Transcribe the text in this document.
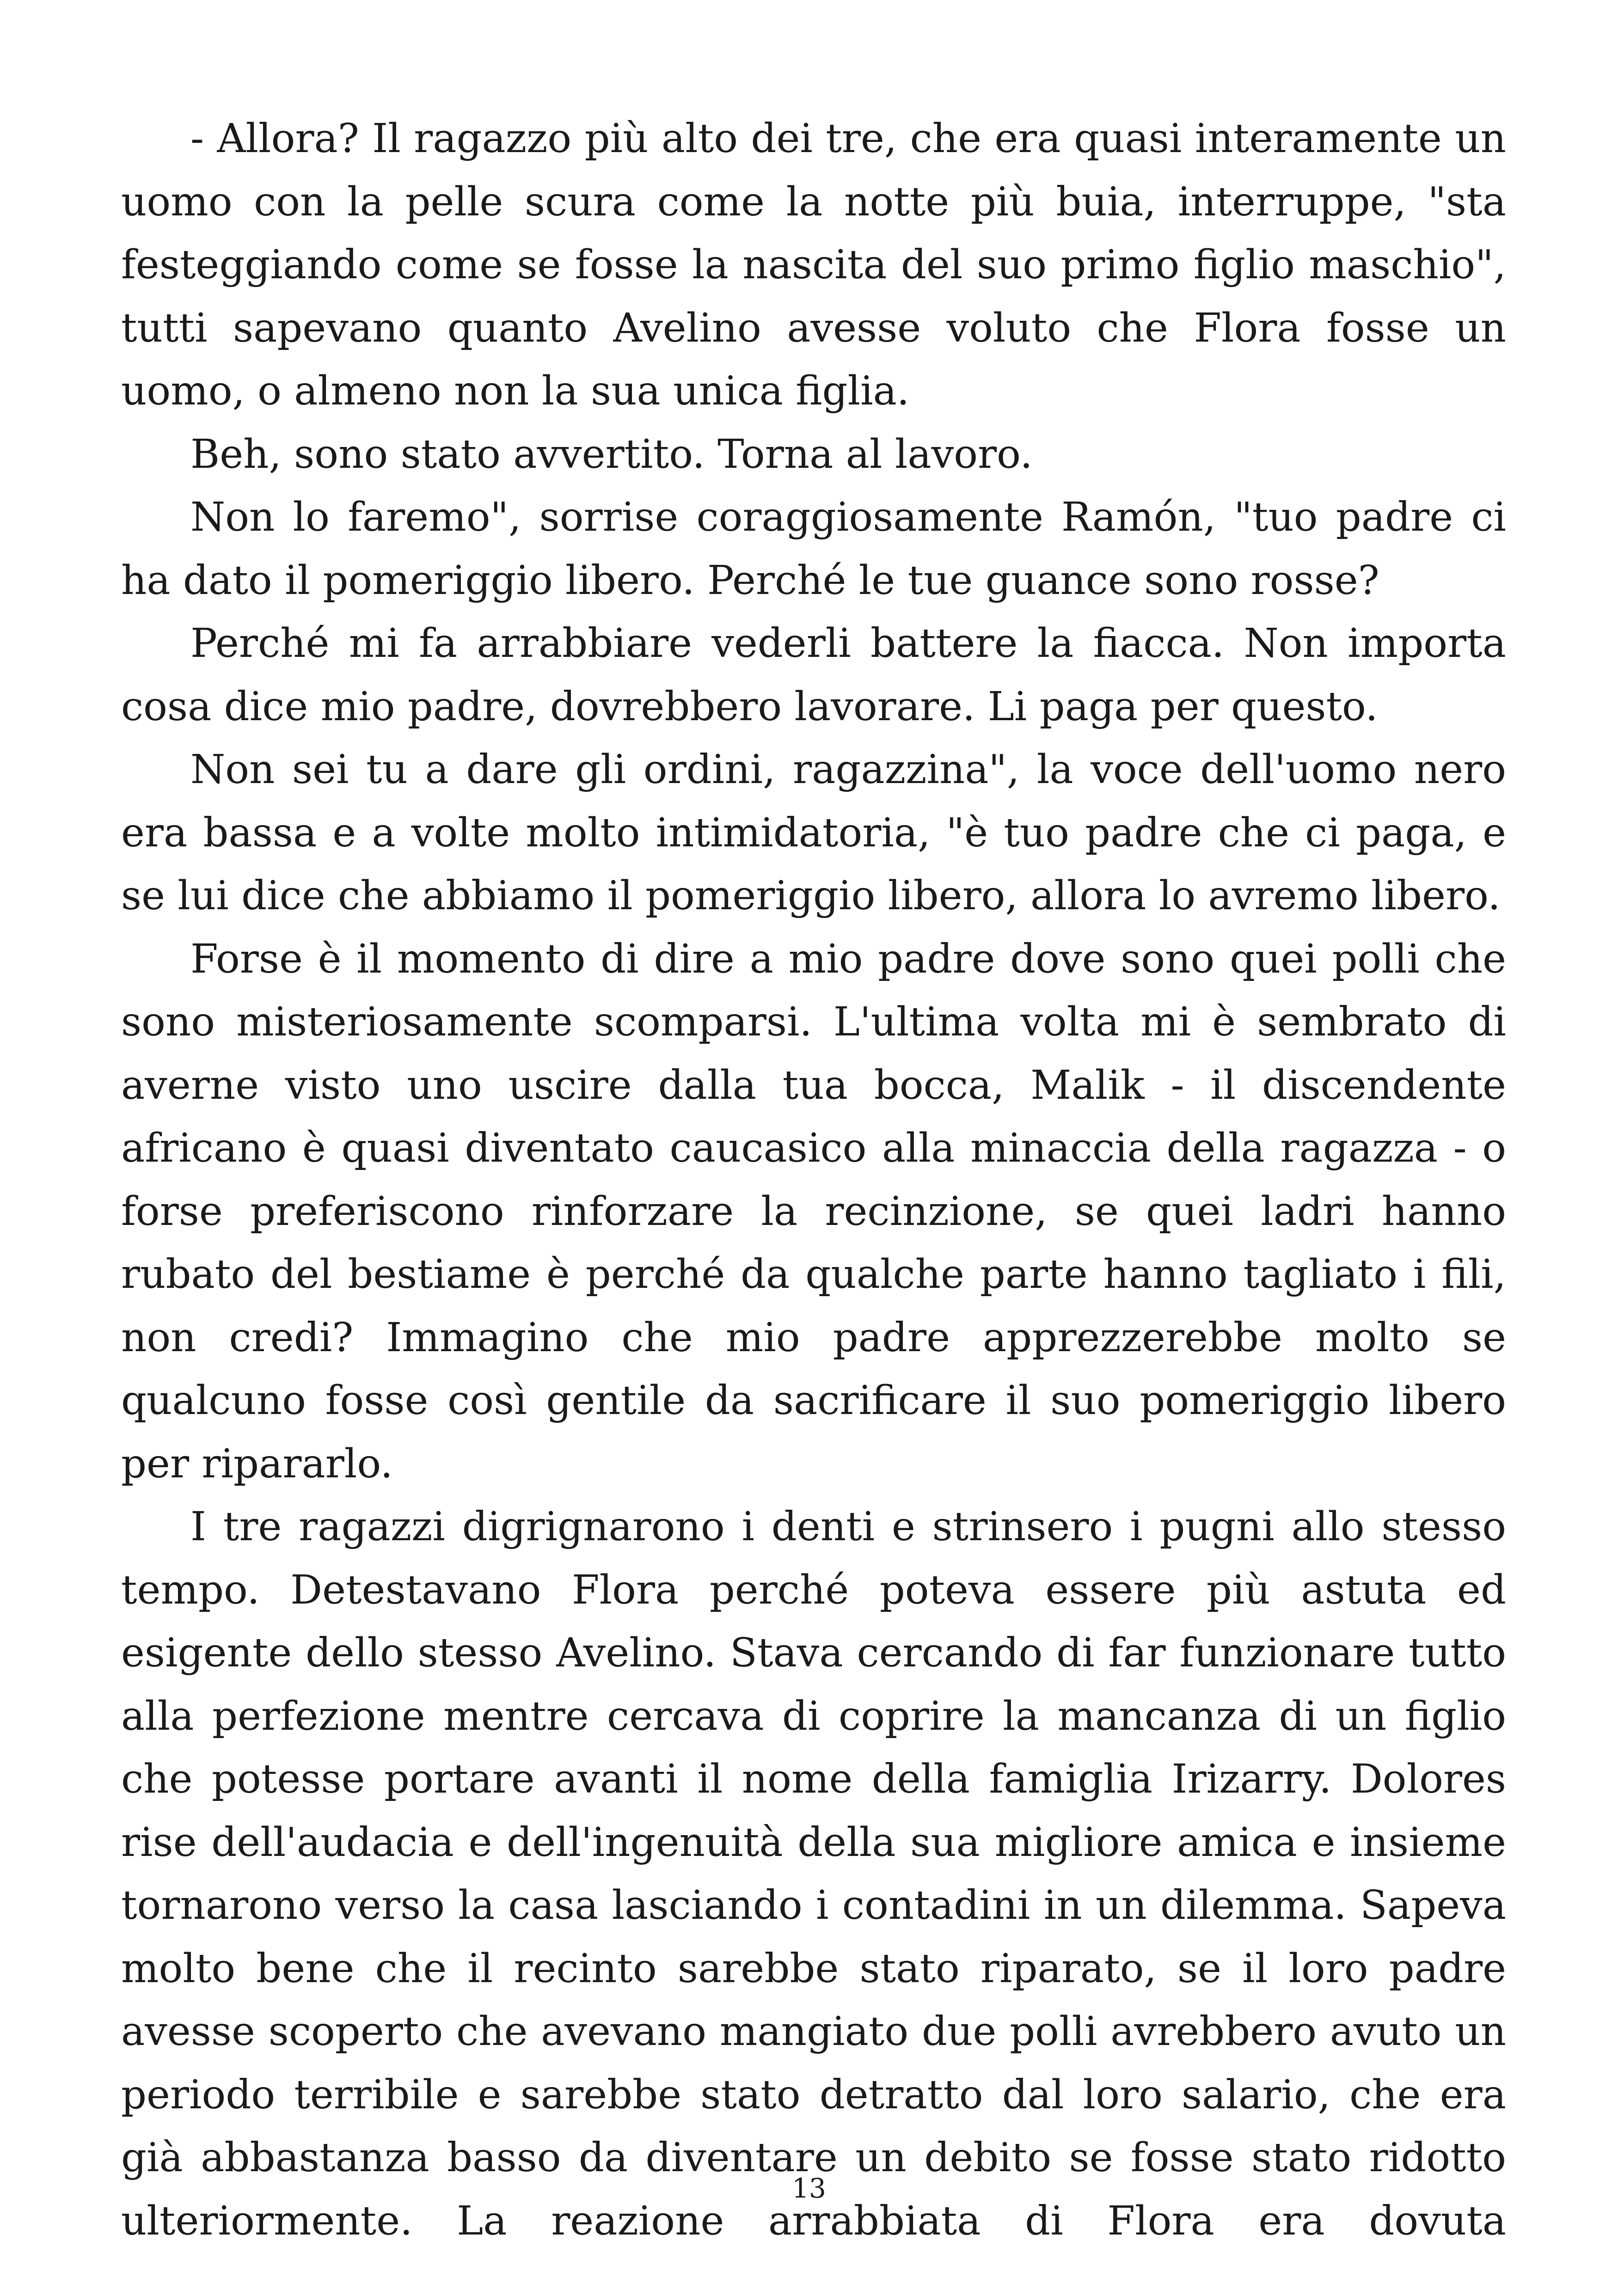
- Allora? Il ragazzo più alto dei tre, che era quasi interamente un uomo con la pelle scura come la notte più buia, interruppe, "sta festeggiando come se fosse la nascita del suo primo figlio maschio", tutti sapevano quanto Avelino avesse voluto che Flora fosse un uomo, o almeno non la sua unica figlia.

Beh, sono stato avvertito. Torna al lavoro.

Non lo faremo", sorrise coraggiosamente Ramón, "tuo padre ci ha dato il pomeriggio libero. Perché le tue guance sono rosse?

Perché mi fa arrabbiare vederli battere la fiacca. Non importa cosa dice mio padre, dovrebbero lavorare. Li paga per questo.

Non sei tu a dare gli ordini, ragazzina", la voce dell'uomo nero era bassa e a volte molto intimidatoria, "è tuo padre che ci paga, e se lui dice che abbiamo il pomeriggio libero, allora lo avremo libero.

Forse è il momento di dire a mio padre dove sono quei polli che sono misteriosamente scomparsi. L'ultima volta mi è sembrato di averne visto uno uscire dalla tua bocca, Malik - il discendente africano è quasi diventato caucasico alla minaccia della ragazza - o forse preferiscono rinforzare la recinzione, se quei ladri hanno rubato del bestiame è perché da qualche parte hanno tagliato i fili, non credi? Immagino che mio padre apprezzerebbe molto se qualcuno fosse così gentile da sacrificare il suo pomeriggio libero per ripararlo.

I tre ragazzi digrignarono i denti e strinsero i pugni allo stesso tempo. Detestavano Flora perché poteva essere più astuta ed esigente dello stesso Avelino. Stava cercando di far funzionare tutto alla perfezione mentre cercava di coprire la mancanza di un figlio che potesse portare avanti il nome della famiglia Irizarry. Dolores rise dell'audacia e dell'ingenuità della sua migliore amica e insieme tornarono verso la casa lasciando i contadini in un dilemma. Sapeva molto bene che il recinto sarebbe stato riparato, se il loro padre avesse scoperto che avevano mangiato due polli avrebbero avuto un periodo terribile e sarebbe stato detratto dal loro salario, che era già abbastanza basso da diventare un debito se fosse stato ridotto ulteriormente. La reazione arrabbiata di Flora era dovuta

13
